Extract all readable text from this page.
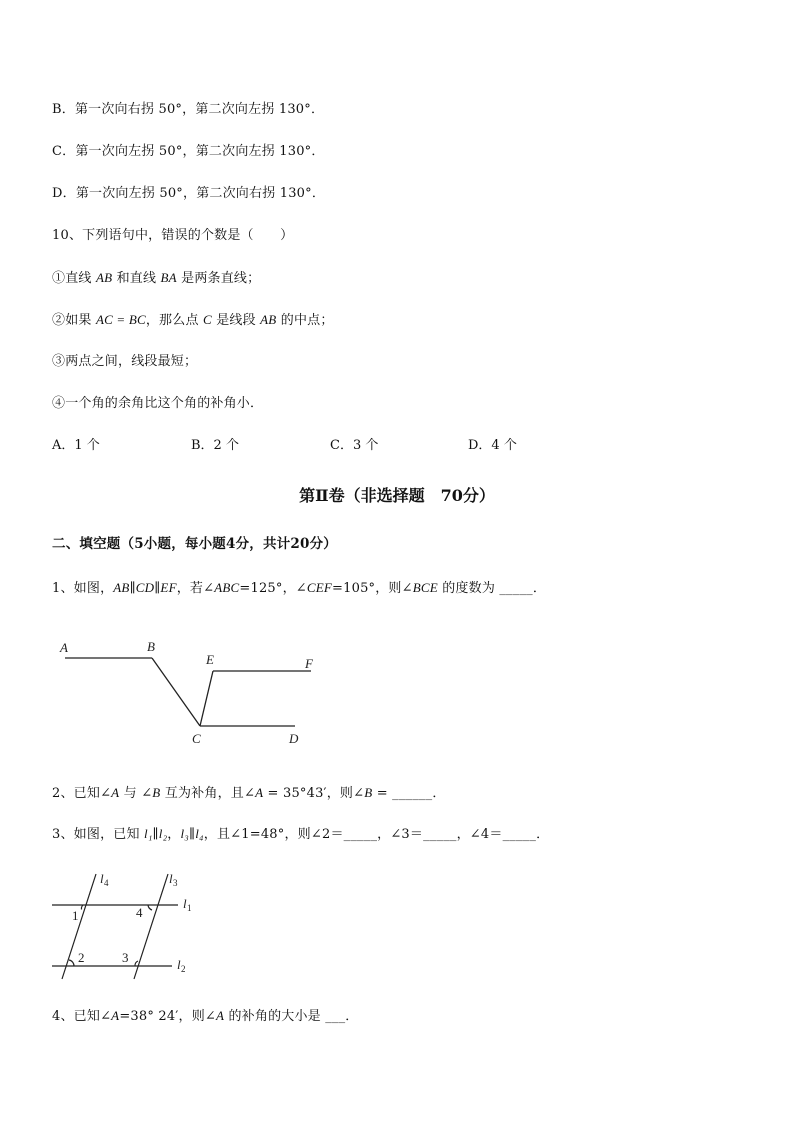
B．第一次向右拐 50°，第二次向左拐 130°．
C．第一次向左拐 50°，第二次向左拐 130°．
D．第一次向左拐 50°，第二次向右拐 130°．
10、下列语句中，错误的个数是（　　）
①直线 AB 和直线 BA 是两条直线；
②如果 AC = BC，那么点 C 是线段 AB 的中点；
③两点之间，线段最短；
④一个角的余角比这个角的补角小．
A．1 个	B．2 个	C．3 个	D．4 个
第Ⅱ卷（非选择题　70分）
二、填空题（5小题，每小题4分，共计20分）
1、如图，AB∥CD∥EF，若∠ABC=125°，∠CEF=105°，则∠BCE 的度数为 _____．
A	B
C	D
E	F
2、已知∠A 与 ∠B 互为补角，且∠A = 35°43′，则∠B = ______．
3、如图，已知 l₁∥l₂，l₃∥l₄，且∠1=48°，则∠2＝_____，∠3＝_____，∠4＝_____．
l 4	l 3
l 1
l 2
1
2	3
4
4、已知∠A=38° 24′，则∠A 的补角的大小是 ___．
